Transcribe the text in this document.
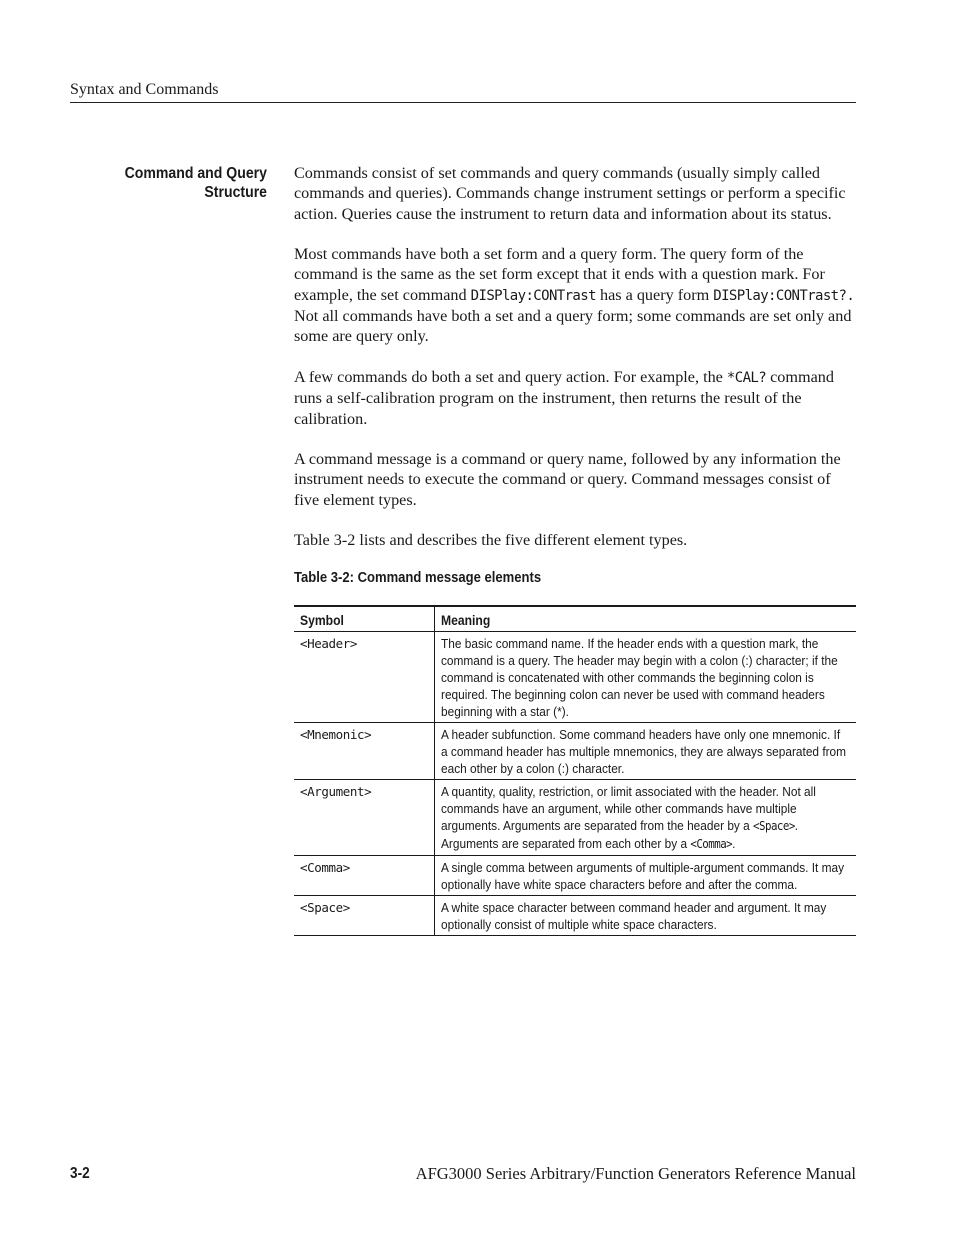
Syntax and Commands
Command and Query
Structure

Commands consist of set commands and query commands (usually simply called commands and queries). Commands change instrument settings or perform a specific action. Queries cause the instrument to return data and information about its status.

Most commands have both a set form and a query form. The query form of the command is the same as the set form except that it ends with a question mark. For example, the set command DISPlay:CONTrast has a query form DISPlay:CONTrast?. Not all commands have both a set and a query form; some commands are set only and some are query only.

A few commands do both a set and query action. For example, the *CAL? command runs a self-calibration program on the instrument, then returns the result of the calibration.

A command message is a command or query name, followed by any information the instrument needs to execute the command or query. Command messages consist of five element types.

Table 3-2 lists and describes the five different element types.

Table 3-2: Command message elements
Symbol	Meaning
<Header>	The basic command name. If the header ends with a question mark, the command is a query. The header may begin with a colon (:) character; if the command is concatenated with other commands the beginning colon is required. The beginning colon can never be used with command headers beginning with a star (*).
<Mnemonic>	A header subfunction. Some command headers have only one mnemonic. If a command header has multiple mnemonics, they are always separated from each other by a colon (:) character.
<Argument>	A quantity, quality, restriction, or limit associated with the header. Not all commands have an argument, while other commands have multiple arguments. Arguments are separated from the header by a <Space>. Arguments are separated from each other by a <Comma>.
<Comma>	A single comma between arguments of multiple-argument commands. It may optionally have white space characters before and after the comma.
<Space>	A white space character between command header and argument. It may optionally consist of multiple white space characters.
3-2	AFG3000 Series Arbitrary/Function Generators Reference Manual
